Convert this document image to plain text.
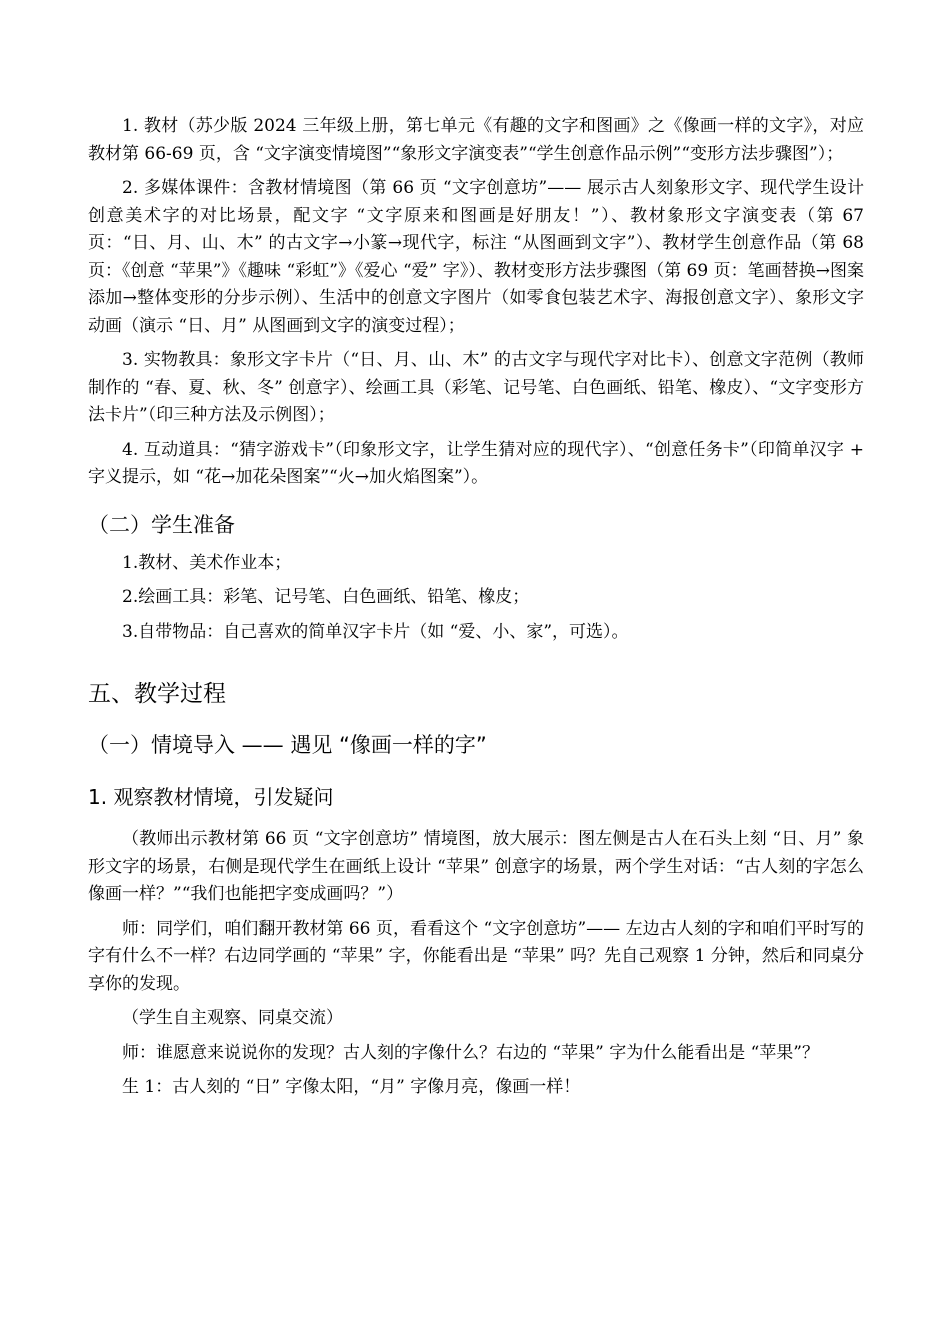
1. 教材（苏少版 2024 三年级上册，第七单元《有趣的文字和图画》之《像画一样的文字》，对应教材第 66-69 页，含 “文字演变情境图”“象形文字演变表”“学生创意作品示例”“变形方法步骤图”）；

2. 多媒体课件：含教材情境图（第 66 页 “文字创意坊”—— 展示古人刻象形文字、现代学生设计创意美术字的对比场景，配文字 “文字原来和图画是好朋友！”）、教材象形文字演变表（第 67 页：“日、月、山、木” 的古文字→小篆→现代字，标注 “从图画到文字”）、教材学生创意作品（第 68 页：《创意 “苹果”》《趣味 “彩虹”》《爱心 “爱” 字》）、教材变形方法步骤图（第 69 页：笔画替换→图案添加→整体变形的分步示例）、生活中的创意文字图片（如零食包装艺术字、海报创意文字）、象形文字动画（演示 “日、月” 从图画到文字的演变过程）；

3. 实物教具：象形文字卡片（“日、月、山、木” 的古文字与现代字对比卡）、创意文字范例（教师制作的 “春、夏、秋、冬” 创意字）、绘画工具（彩笔、记号笔、白色画纸、铅笔、橡皮）、“文字变形方法卡片”（印三种方法及示例图）；

4. 互动道具：“猜字游戏卡”（印象形文字，让学生猜对应的现代字）、“创意任务卡”（印简单汉字 + 字义提示，如 “花→加花朵图案”“火→加火焰图案”）。

（二）学生准备

1.教材、美术作业本；

2.绘画工具：彩笔、记号笔、白色画纸、铅笔、橡皮；

3.自带物品：自己喜欢的简单汉字卡片（如 “爱、小、家”，可选）。

五、教学过程
（一）情境导入 —— 遇见 “像画一样的字”
1. 观察教材情境，引发疑问

（教师出示教材第 66 页 “文字创意坊” 情境图，放大展示：图左侧是古人在石头上刻 “日、月” 象形文字的场景，右侧是现代学生在画纸上设计 “苹果” 创意字的场景，两个学生对话：“古人刻的字怎么像画一样？”“我们也能把字变成画吗？”）

师：同学们，咱们翻开教材第 66 页，看看这个 “文字创意坊”—— 左边古人刻的字和咱们平时写的字有什么不一样？右边同学画的 “苹果” 字，你能看出是 “苹果” 吗？先自己观察 1 分钟，然后和同桌分享你的发现。

（学生自主观察、同桌交流）

师：谁愿意来说说你的发现？古人刻的字像什么？右边的 “苹果” 字为什么能看出是 “苹果”？

生 1：古人刻的 “日” 字像太阳，“月” 字像月亮，像画一样！
